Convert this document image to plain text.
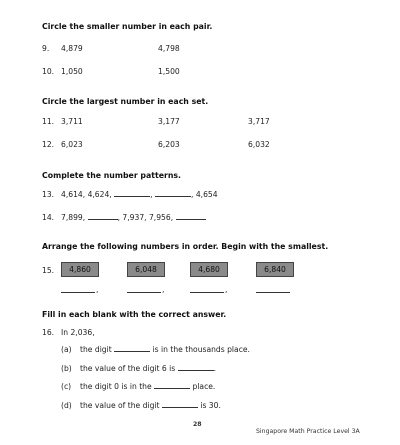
Circle the smaller number in each pair.
9. 4,879	4,798
10. 1,050	1,500
Circle the largest number in each set.
11. 3,711	3,177	3,717
12. 6,023	6,203	6,032
Complete the number patterns.
13. 4,614, 4,624,	,	, 4,654
14. 7,899,	, 7,937, 7,956,
Arrange the following numbers in order. Begin with the smallest.
15.	4,860	6,048	4,680	6,840
,	,	,
Fill in each blank with the correct answer.
16. In 2,036,
(a) the digit	is in the thousands place.
(b) the value of the digit 6 is	.
(c) the digit 0 is in the	place.
(d) the value of the digit	is 30.
28
Singapore Math Practice Level 3A
